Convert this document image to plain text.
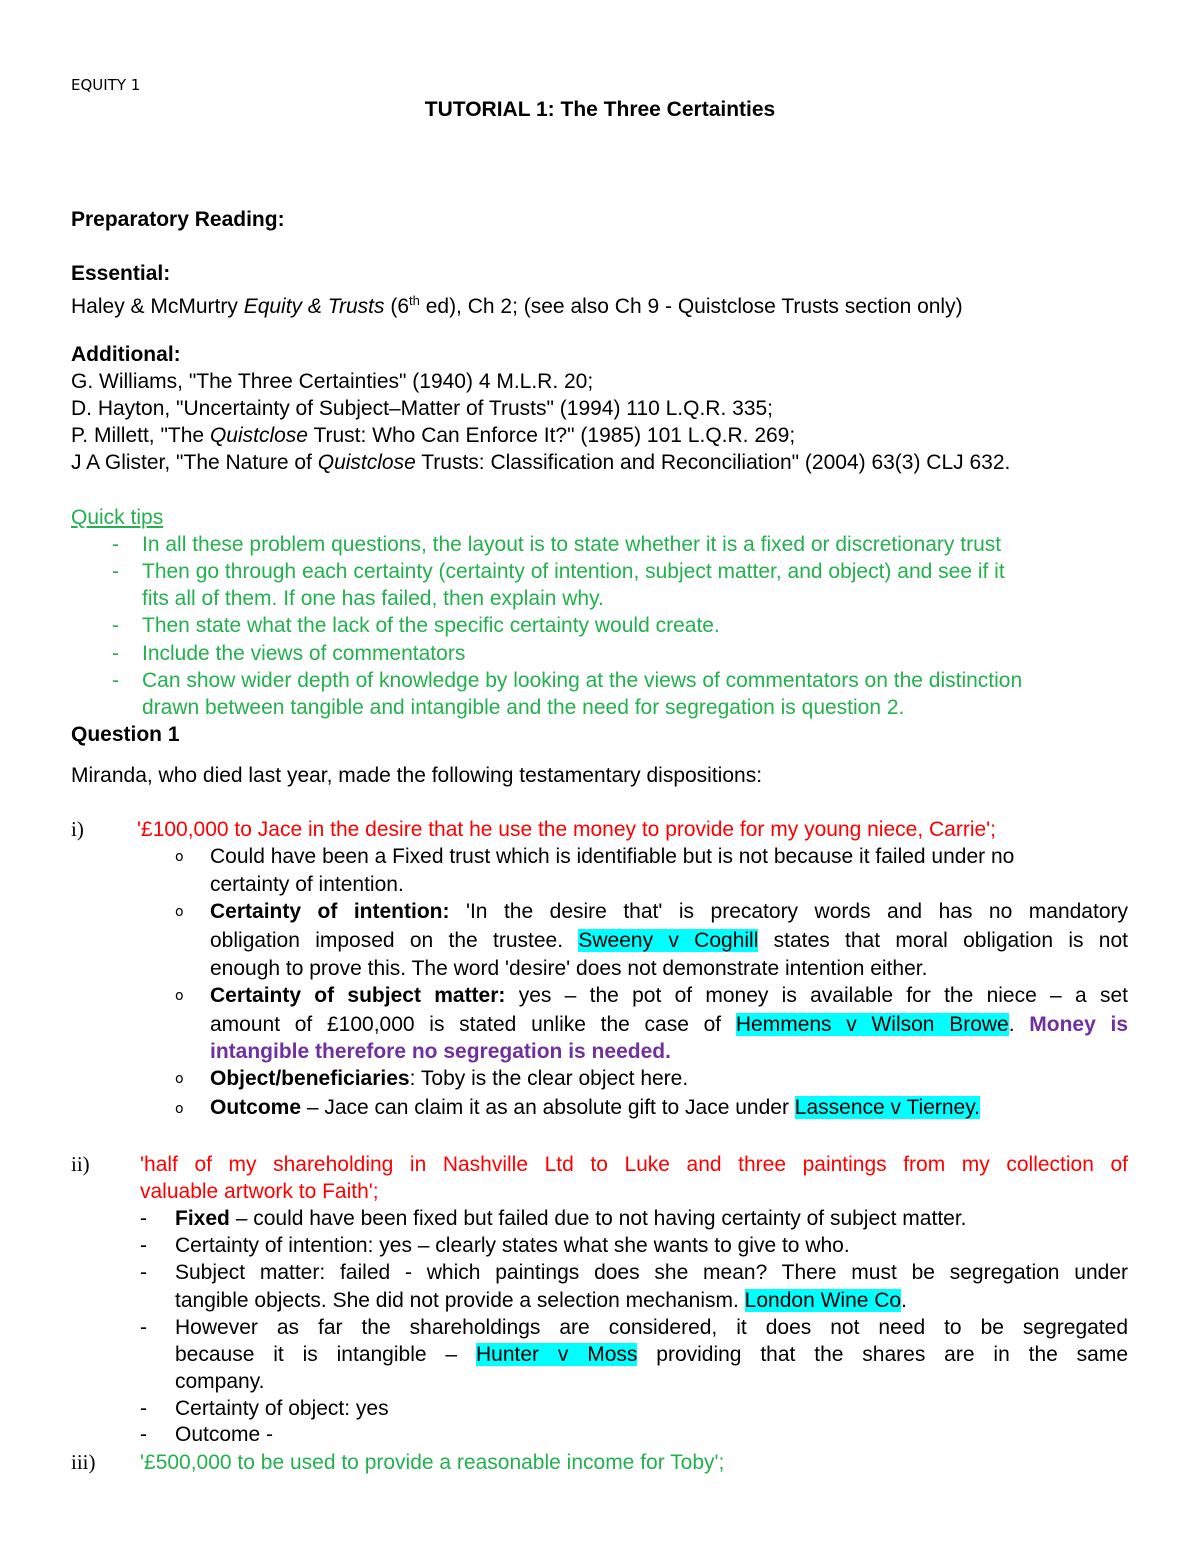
EQUITY 1
TUTORIAL 1: The Three Certainties
Preparatory Reading:
Essential:
Haley & McMurtry Equity & Trusts (6th ed), Ch 2; (see also Ch 9 - Quistclose Trusts section only)
Additional:
G. Williams, "The Three Certainties" (1940) 4 M.L.R. 20;
D. Hayton, "Uncertainty of Subject–Matter of Trusts" (1994) 110 L.Q.R. 335;
P. Millett, "The Quistclose Trust: Who Can Enforce It?" (1985) 101 L.Q.R. 269;
J A Glister, "The Nature of Quistclose Trusts: Classification and Reconciliation" (2004) 63(3) CLJ 632.
Quick tips
- In all these problem questions, the layout is to state whether it is a fixed or discretionary trust
- Then go through each certainty (certainty of intention, subject matter, and object) and see if it
fits all of them. If one has failed, then explain why.
- Then state what the lack of the specific certainty would create.
- Include the views of commentators
- Can show wider depth of knowledge by looking at the views of commentators on the distinction
drawn between tangible and intangible and the need for segregation is question 2.
Question 1
Miranda, who died last year, made the following testamentary dispositions:
i)	'£100,000 to Jace in the desire that he use the money to provide for my young niece, Carrie';
o Could have been a Fixed trust which is identifiable but is not because it failed under no
certainty of intention.
o Certainty of intention: 'In the desire that' is precatory words and has no mandatory
obligation imposed on the trustee. Sweeny v Coghill states that moral obligation is not
enough to prove this. The word 'desire' does not demonstrate intention either.
o Certainty of subject matter: yes – the pot of money is available for the niece – a set
amount of £100,000 is stated unlike the case of Hemmens v Wilson Browe. Money is
intangible therefore no segregation is needed.
o Object/beneficiaries: Toby is the clear object here.
o Outcome – Jace can claim it as an absolute gift to Jace under Lassence v Tierney.
ii) 'half of my shareholding in Nashville Ltd to Luke and three paintings from my collection of
valuable artwork to Faith';
- Fixed – could have been fixed but failed due to not having certainty of subject matter.
- Certainty of intention: yes – clearly states what she wants to give to who.
- Subject matter: failed - which paintings does she mean? There must be segregation under
tangible objects. She did not provide a selection mechanism. London Wine Co.
- However as far the shareholdings are considered, it does not need to be segregated
because it is intangible – Hunter v Moss providing that the shares are in the same
company.
- Certainty of object: yes
- Outcome -
iii) '£500,000 to be used to provide a reasonable income for Toby';
